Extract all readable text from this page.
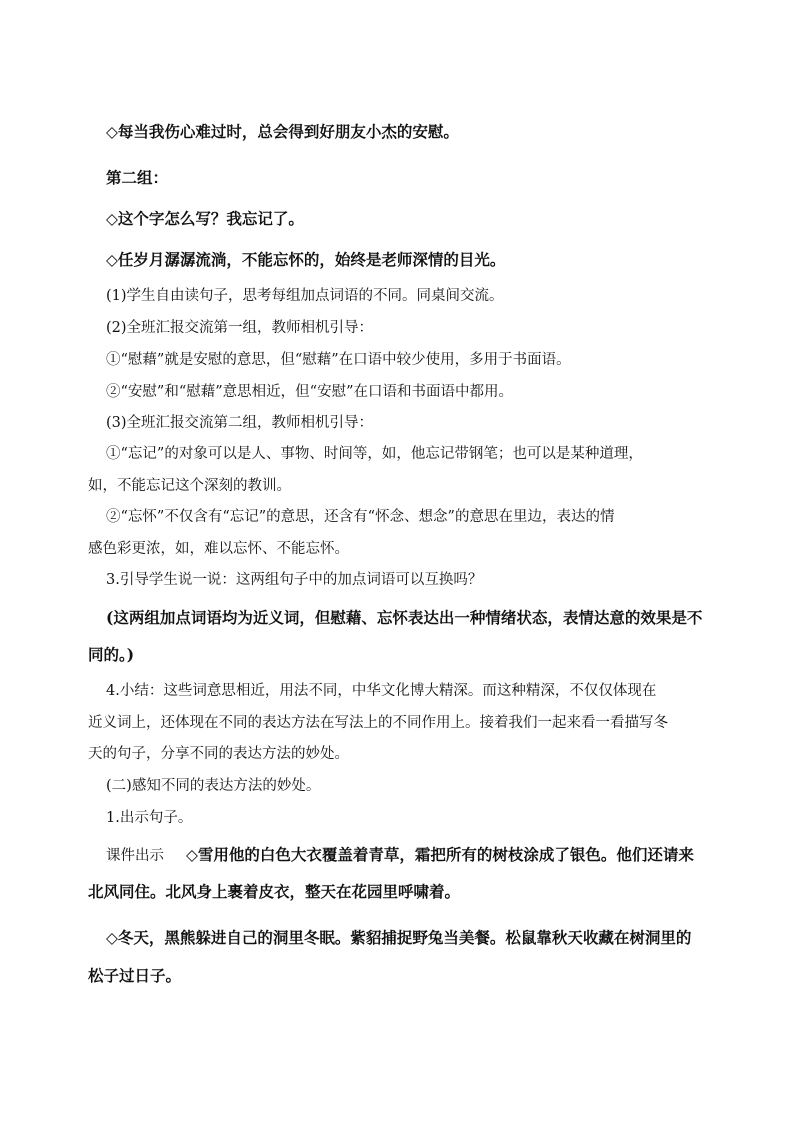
◇每当我伤心难过时，总会得到好朋友小杰的安慰。
第二组：
◇这个字怎么写？我忘记了。
◇任岁月潺潺流淌，不能忘怀的，始终是老师深情的目光。
(1)学生自由读句子，思考每组加点词语的不同。同桌间交流。
(2)全班汇报交流第一组，教师相机引导：
①“慰藉”就是安慰的意思，但“慰藉”在口语中较少使用，多用于书面语。
②“安慰”和“慰藉”意思相近，但“安慰”在口语和书面语中都用。
(3)全班汇报交流第二组，教师相机引导：
①“忘记”的对象可以是人、事物、时间等，如，他忘记带钢笔；也可以是某种道理，
如，不能忘记这个深刻的教训。
②“忘怀”不仅含有“忘记”的意思，还含有“怀念、想念”的意思在里边，表达的情
感色彩更浓，如，难以忘怀、不能忘怀。
3.引导学生说一说：这两组句子中的加点词语可以互换吗？
(这两组加点词语均为近义词，但慰藉、忘怀表达出一种情绪状态，表情达意的效果是不
同的。)
4.小结：这些词意思相近，用法不同，中华文化博大精深。而这种精深，不仅仅体现在
近义词上，还体现在不同的表达方法在写法上的不同作用上。接着我们一起来看一看描写冬
天的句子，分享不同的表达方法的妙处。
(二)感知不同的表达方法的妙处。
1.出示句子。
课件出示 ◇雪用他的白色大衣覆盖着青草，霜把所有的树枝涂成了银色。他们还请来
北风同住。北风身上裹着皮衣，整天在花园里呼啸着。
◇冬天，黑熊躲进自己的洞里冬眠。紫貂捕捉野兔当美餐。松鼠靠秋天收藏在树洞里的
松子过日子。
